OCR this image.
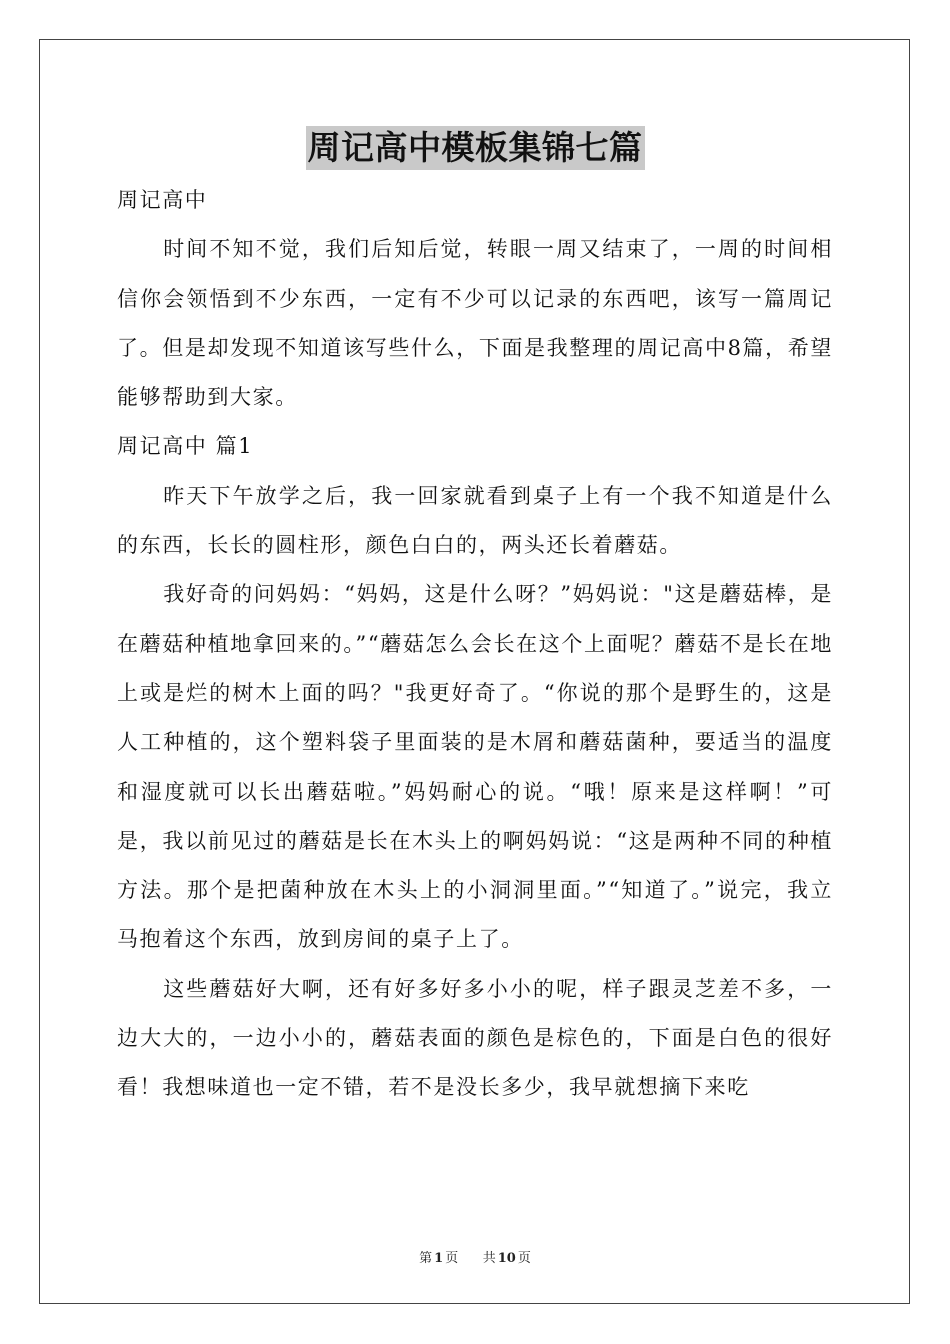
周记高中模板集锦七篇

周记高中

时间不知不觉，我们后知后觉，转眼一周又结束了，一周的时间相信你会领悟到不少东西，一定有不少可以记录的东西吧，该写一篇周记了。但是却发现不知道该写些什么，下面是我整理的周记高中8篇，希望能够帮助到大家。

周记高中 篇1

昨天下午放学之后，我一回家就看到桌子上有一个我不知道是什么的东西，长长的圆柱形，颜色白白的，两头还长着蘑菇。

我好奇的问妈妈：“妈妈，这是什么呀？”妈妈说："这是蘑菇棒，是在蘑菇种植地拿回来的。”“蘑菇怎么会长在这个上面呢？蘑菇不是长在地上或是烂的树木上面的吗？"我更好奇了。“你说的那个是野生的，这是人工种植的，这个塑料袋子里面装的是木屑和蘑菇菌种，要适当的温度和湿度就可以长出蘑菇啦。”妈妈耐心的说。“哦！原来是这样啊！”可是，我以前见过的蘑菇是长在木头上的啊妈妈说：“这是两种不同的种植方法。那个是把菌种放在木头上的小洞洞里面。”“知道了。”说完，我立马抱着这个东西，放到房间的桌子上了。

这些蘑菇好大啊，还有好多好多小小的呢，样子跟灵芝差不多，一边大大的，一边小小的，蘑菇表面的颜色是棕色的，下面是白色的很好看！我想味道也一定不错，若不是没长多少，我早就想摘下来吃

第 1 页 共 10 页
